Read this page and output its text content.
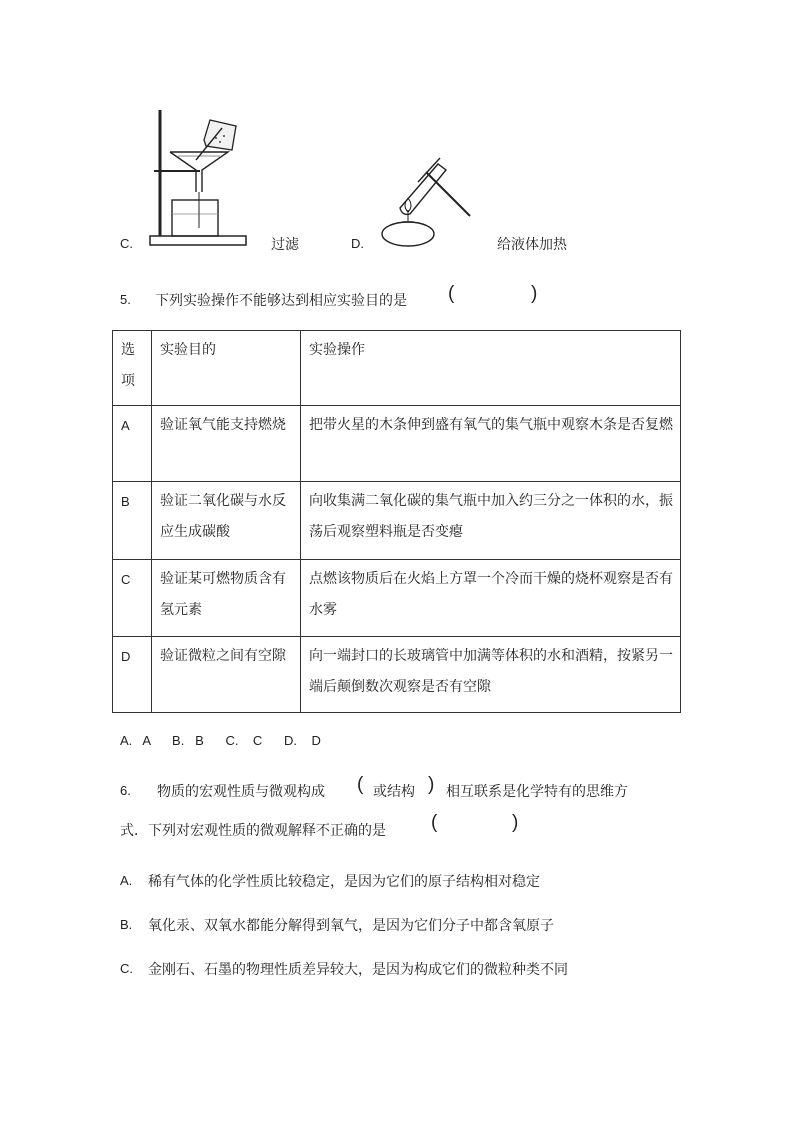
C.	过滤	D.	给液体加热
5. 下列实验操作不能够达到相应实验目的是 (	)
选项	实验目的	实验操作

A	验证氧气能支持燃烧	把带火星的木条伸到盛有氧气的集气瓶中观察木条是否复燃

B	验证二氧化碳与水反应生成碳酸	向收集满二氧化碳的集气瓶中加入约三分之一体积的水，振荡后观察塑料瓶是否变瘪

C	验证某可燃物质含有氢元素	点燃该物质后在火焰上方罩一个冷而干燥的烧杯观察是否有水雾

D	验证微粒之间有空隙	向一端封口的长玻璃管中加满等体积的水和酒精，按紧另一端后颠倒数次观察是否有空隙
A.   A      B.   B      C.    C      D.    D
6. 物质的宏观性质与微观构成 ( 或结构 ) 相互联系是化学特有的思维方
式．下列对宏观性质的微观解释不正确的是 (	)
A. 稀有气体的化学性质比较稳定，是因为它们的原子结构相对稳定
B. 氧化汞、双氧水都能分解得到氧气，是因为它们分子中都含氧原子
C. 金刚石、石墨的物理性质差异较大，是因为构成它们的微粒种类不同
